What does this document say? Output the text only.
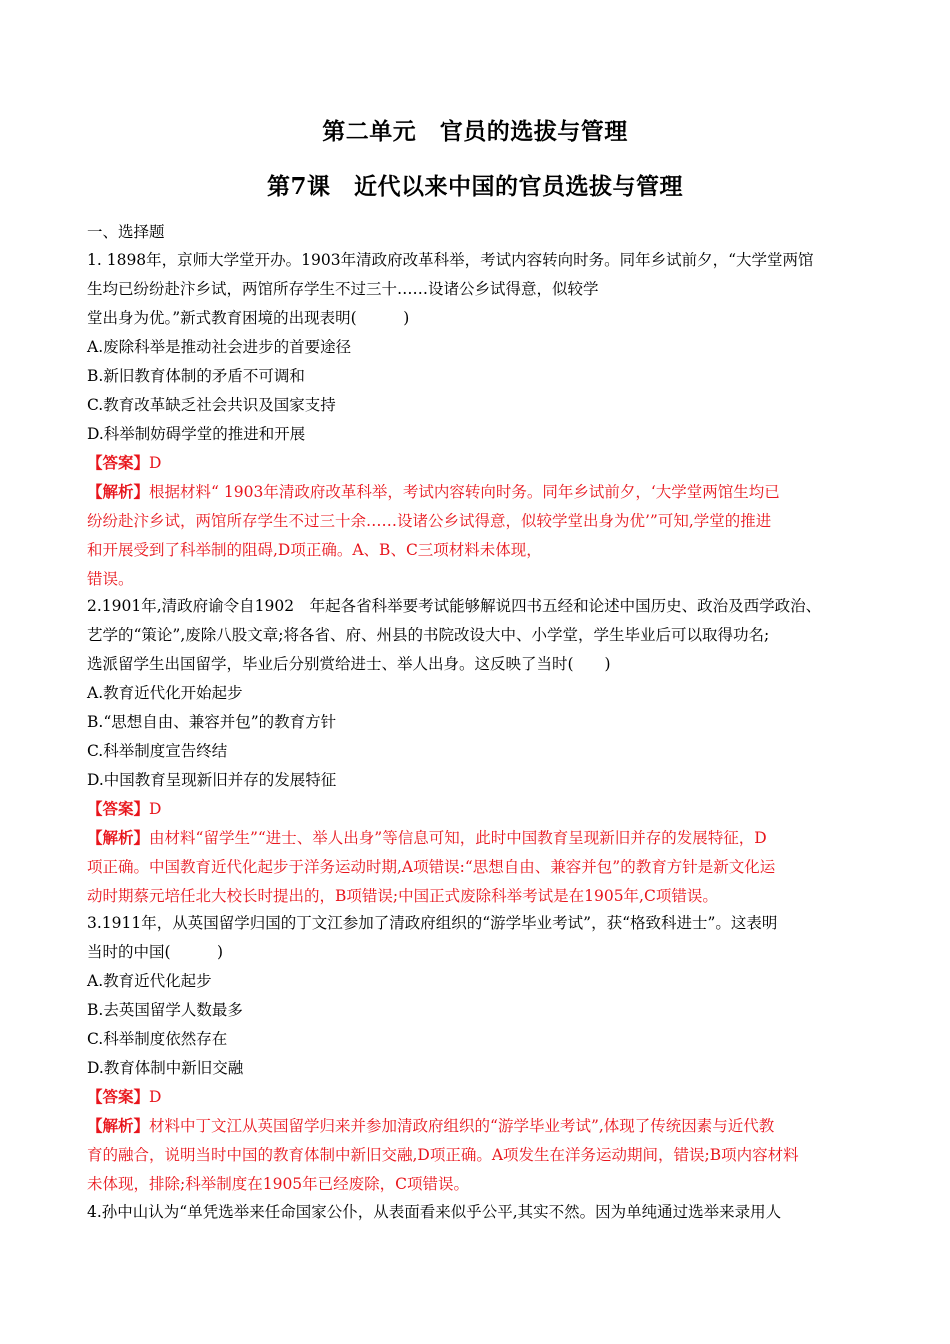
第二单元　官员的选拔与管理
第7课　近代以来中国的官员选拔与管理
一、选择题
1. 1898年，京师大学堂开办。1903年清政府改革科举，考试内容转向时务。同年乡试前夕，“大学堂两馆
生均已纷纷赴汴乡试，两馆所存学生不过三十……设诸公乡试得意，似较学
堂出身为优。”新式教育困境的出现表明(　　　)
A.废除科举是推动社会进步的首要途径
B.新旧教育体制的矛盾不可调和
C.教育改革缺乏社会共识及国家支持
D.科举制妨碍学堂的推进和开展
【答案】D
【解析】根据材料“ 1903年清政府改革科举，考试内容转向时务。同年乡试前夕，‘大学堂两馆生均已
纷纷赴汴乡试，两馆所存学生不过三十余……设诸公乡试得意，似较学堂出身为优’”可知,学堂的推进
和开展受到了科举制的阻碍,D项正确。A、B、C三项材料未体现，
错误。
2.1901年,清政府谕令自1902　年起各省科举要考试能够解说四书五经和论述中国历史、政治及西学政治、
艺学的“策论”,废除八股文章;将各省、府、州县的书院改设大中、小学堂，学生毕业后可以取得功名;
选派留学生出国留学，毕业后分别赏给进士、举人出身。这反映了当时(　　)
A.教育近代化开始起步
B.“思想自由、兼容并包”的教育方针
C.科举制度宣告终结
D.中国教育呈现新旧并存的发展特征
【答案】D
【解析】由材料“留学生”“进士、举人出身”等信息可知，此时中国教育呈现新旧并存的发展特征，D
项正确。中国教育近代化起步于洋务运动时期,A项错误:“思想自由、兼容并包”的教育方针是新文化运
动时期蔡元培任北大校长时提出的，B项错误;中国正式废除科举考试是在1905年,C项错误。
3.1911年，从英国留学归国的丁文江参加了清政府组织的“游学毕业考试”，获“格致科进士”。这表明
当时的中国(　　　)
A.教育近代化起步
B.去英国留学人数最多
C.科举制度依然存在
D.教育体制中新旧交融
【答案】D
【解析】材料中丁文江从英国留学归来并参加清政府组织的“游学毕业考试”,体现了传统因素与近代教
育的融合，说明当时中国的教育体制中新旧交融,D项正确。A项发生在洋务运动期间，错误;B项内容材料
未体现，排除;科举制度在1905年已经废除，C项错误。
4.孙中山认为“单凭选举来任命国家公仆，从表面看来似乎公平,其实不然。因为单纯通过选举来录用人
